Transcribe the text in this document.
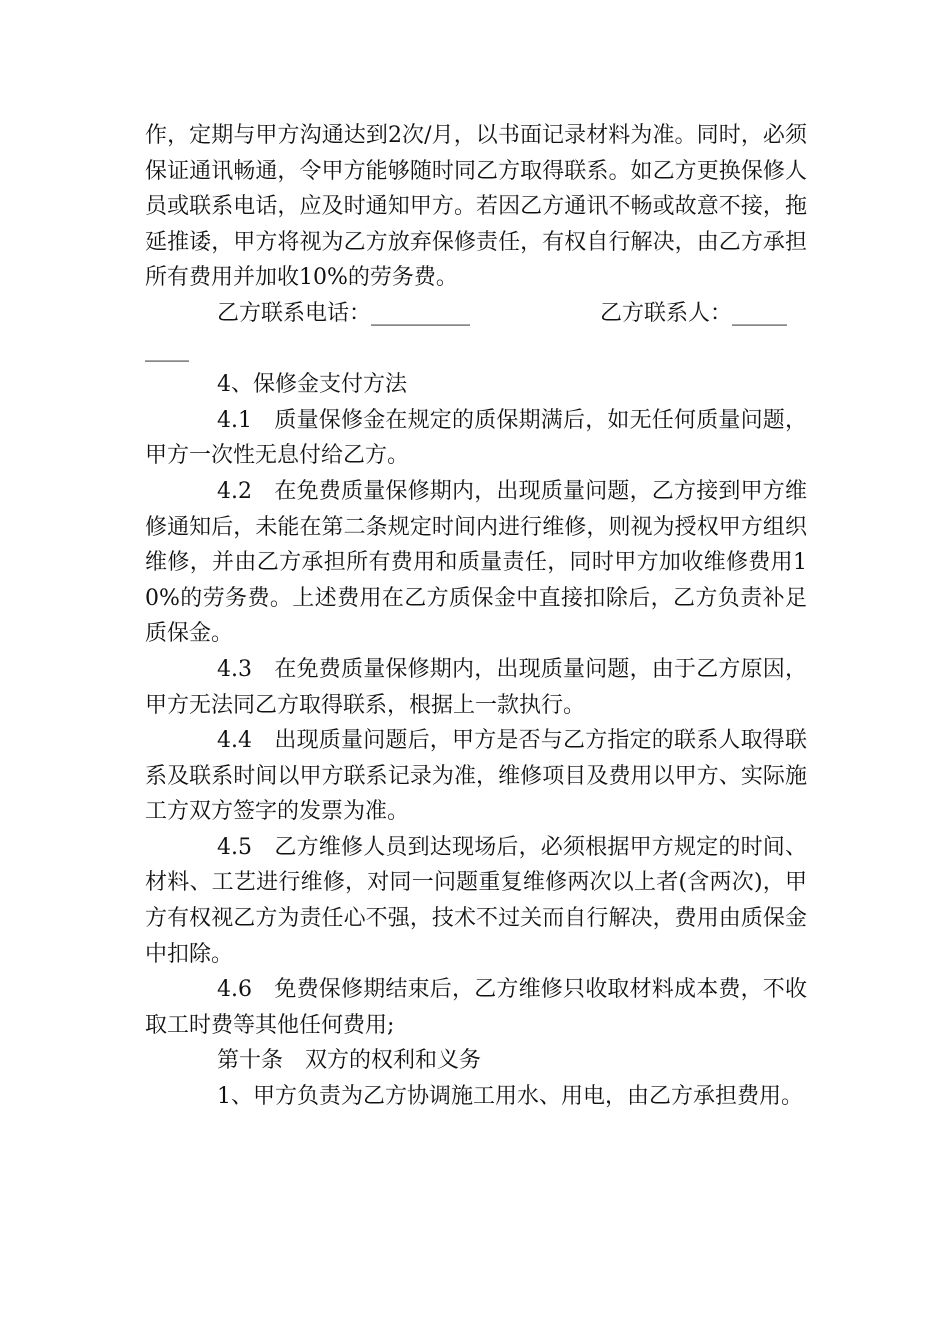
作，定期与甲方沟通达到2次/月，以书面记录材料为准。同时，必须保证通讯畅通，令甲方能够随时同乙方取得联系。如乙方更换保修人员或联系电话，应及时通知甲方。若因乙方通讯不畅或故意不接，拖延推诿，甲方将视为乙方放弃保修责任，有权自行解决，由乙方承担所有费用并加收10%的劳务费。

乙方联系电话：_________	乙方联系人：_____
____

4、保修金支付方法

4.1　质量保修金在规定的质保期满后，如无任何质量问题，甲方一次性无息付给乙方。

4.2　在免费质量保修期内，出现质量问题，乙方接到甲方维修通知后，未能在第二条规定时间内进行维修，则视为授权甲方组织维修，并由乙方承担所有费用和质量责任，同时甲方加收维修费用10%的劳务费。上述费用在乙方质保金中直接扣除后，乙方负责补足质保金。

4.3　在免费质量保修期内，出现质量问题，由于乙方原因，甲方无法同乙方取得联系，根据上一款执行。

4.4　出现质量问题后，甲方是否与乙方指定的联系人取得联系及联系时间以甲方联系记录为准，维修项目及费用以甲方、实际施工方双方签字的发票为准。

4.5　乙方维修人员到达现场后，必须根据甲方规定的时间、材料、工艺进行维修，对同一问题重复维修两次以上者(含两次)，甲方有权视乙方为责任心不强，技术不过关而自行解决，费用由质保金中扣除。

4.6　免费保修期结束后，乙方维修只收取材料成本费，不收取工时费等其他任何费用;

第十条　双方的权利和义务

1、甲方负责为乙方协调施工用水、用电，由乙方承担费用。
